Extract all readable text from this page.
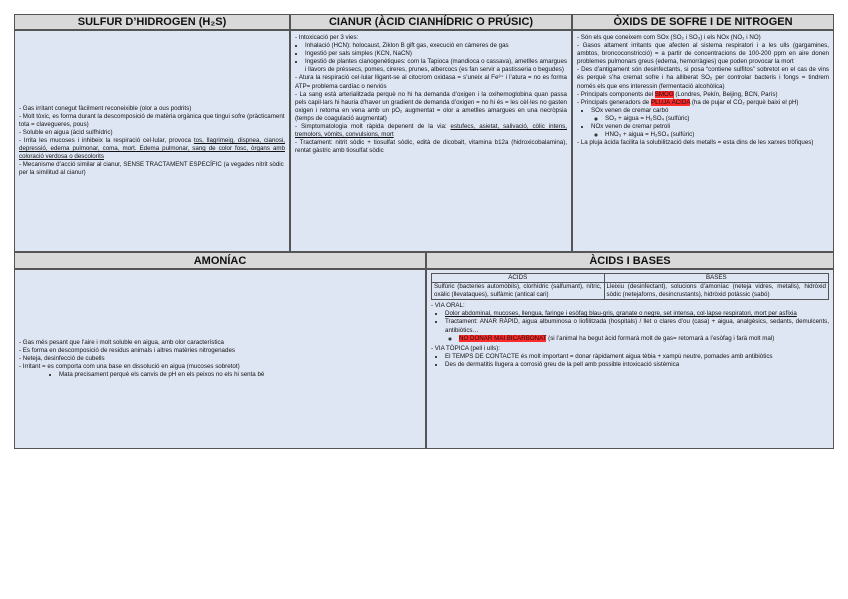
SULFUR D’HIDROGEN (H₂S)	CIANUR (ÀCID CIANHÍDRIC O PRÚSIC)	ÒXIDS DE SOFRE I DE NITROGEN

- Gas irritant conegut fàcilment reconeixible (olor a ous podrits)

- Molt tòxic, es forma durant la descomposició de matèria orgànica que tingui sofre (pràcticament tota = clavegueres, pous)

- Soluble en aigua (àcid sulfhídric)

- Irrita les mucoses i inhibeix la respiració cel·lular, provoca tos, llagrimeig, dispnea, cianosi, depressió, edema pulmonar, coma, mort. Edema pulmonar, sang de color fosc, òrgans amb coloració verdosa o descolorits

- Mecanisme d’acció similar al cianur, SENSE TRACTAMENT ESPECÍFIC (a vegades nitrit sòdic per la similitud al cianur)

- Intoxicació per 3 vies:

• Inhalació (HCN): holocaust, Ziklon B gift gas, execució en càmeres de gas
• Ingestió per sals simples (KCN, NaCN)
• Ingestió de plantes cianogenètiques: com la Tapioca (mandioca o cassava), ametlles amargues i llavors de préssecs, pomes, cireres, prunes, albercocs (es fan servir a pastisseria o begudes)

- Atura la respiració cel·lular lligant-se al citocrom oxidasa = s’uneix al Fe³⁺ i l’atura = no es forma ATP= problema cardíac o nerviós

- La sang està arterialitzada perquè no hi ha demanda d’oxigen i la oxihemoglobina quan passa pels capil·lars hi hauria d’haver un gradient de demanda d’oxigen = no hi és = les cèl·les no gasten oxigen i retorna en vena amb un pO₂ augmentat = olor a ametlles amargues en una necròpsia (temps de coagulació augmentat)

- Simptomatologia molt ràpida depenent de la via: estufecs, asietat, salivació, còlic intens, tremolors, vòmits, convulsions, mort

- Tractament: nitrit sòdic + tiosulfat sòdic, edità de dicobalt, vitamina b12a (hidroxicobalamina), rentat gàstric amb tiosulfat sòdic

- Són els que coneixem com SOx (SO₂ i SO₃) i els NOx (NO₂ i NO)

- Gasos altament irritants que afecten al sistema respiratori i a les ulls (gargamines, ambtos, broncoconstricció) = a partir de concentracions de 100-200 ppm en aire donen problemes pulmonars greus (edema, hemorràgies) que poden provocar la mort

- Des d’antigament són desinfectants, si posa “contiene sulfitos” sobretot en el cas de vins és perquè s’ha cremat sofre i ha alliberat SO₂ per controlar bacteris i fongs = tindrem només els que ens interessin (fermentació alcohòlica)

- Principals components del SMOG (Londres, Pekín, Beijing, BCN, París)

- Principals generadors de PLUJA ÀCIDA (ha de pujar el CO₂ perquè baixi el pH)

• SOx venen de cremar carbó
◦ SO₃ + aigua = H₂SO₄ (sulfúric)
• NOx venen de cremar petroli
◦ HNO₃ + aigua = H₂SO₄ (sulfúric)

- La pluja àcida facilita la solubilització dels metalls = esta dins de les xarxes tròfiques)

AMONÍAC	ÀCIDS I BASES

- Gas més pesant que l’aire i molt soluble en aigua, amb olor característica

- Es forma en descomposició de residus animals i altres matèries nitrogenades

- Neteja, desinfecció de cubells

- Irritant = es comporta com una base en dissolució en aigua (mucoses sobretot)

• Mata precisament perquè els canvis de pH en els peixos no els hi senta bé
ÀCIDS	BASES
Sulfúric (bacteries automòbils), clorhídric (salfumant), nítric, oxàlic (llevataques), sulfàmic (antical cari)	Lleixiu (desinfectant), solucions d’amoníac (neteja vidres, metalls), hidròxid sòdic (netejaforns, desincrustants), hidròxid potàssic (sabó)

- VIA ORAL:

• Dolor abdominal, mucoses, llengua, faringe i esòfag blau-gris, granate o negre, set intensa, col·lapse respiratori, mort per asfíxia
• Tractament: ANAR RÀPID, aigua albuminosa o liofilitzada (hospitals) / llet o clares d’ou (casa) + aigua, analgèsics, sedants, demulcents, antibiòtics…
◦ NO DONAR MAI BICARBONAT (si l’animal ha begut àcid formarà molt de gas= retornarà a l’esòfag i farà molt mal)

- VIA TÒPICA (pell i ulls):

• El TEMPS DE CONTACTE és molt important = donar ràpidament aigua tèbia + xampú neutre, pomades amb antibiòtics
• Des de dermatitis llugera a corrosió greu de la pell amb possible intoxicació sistèmica
